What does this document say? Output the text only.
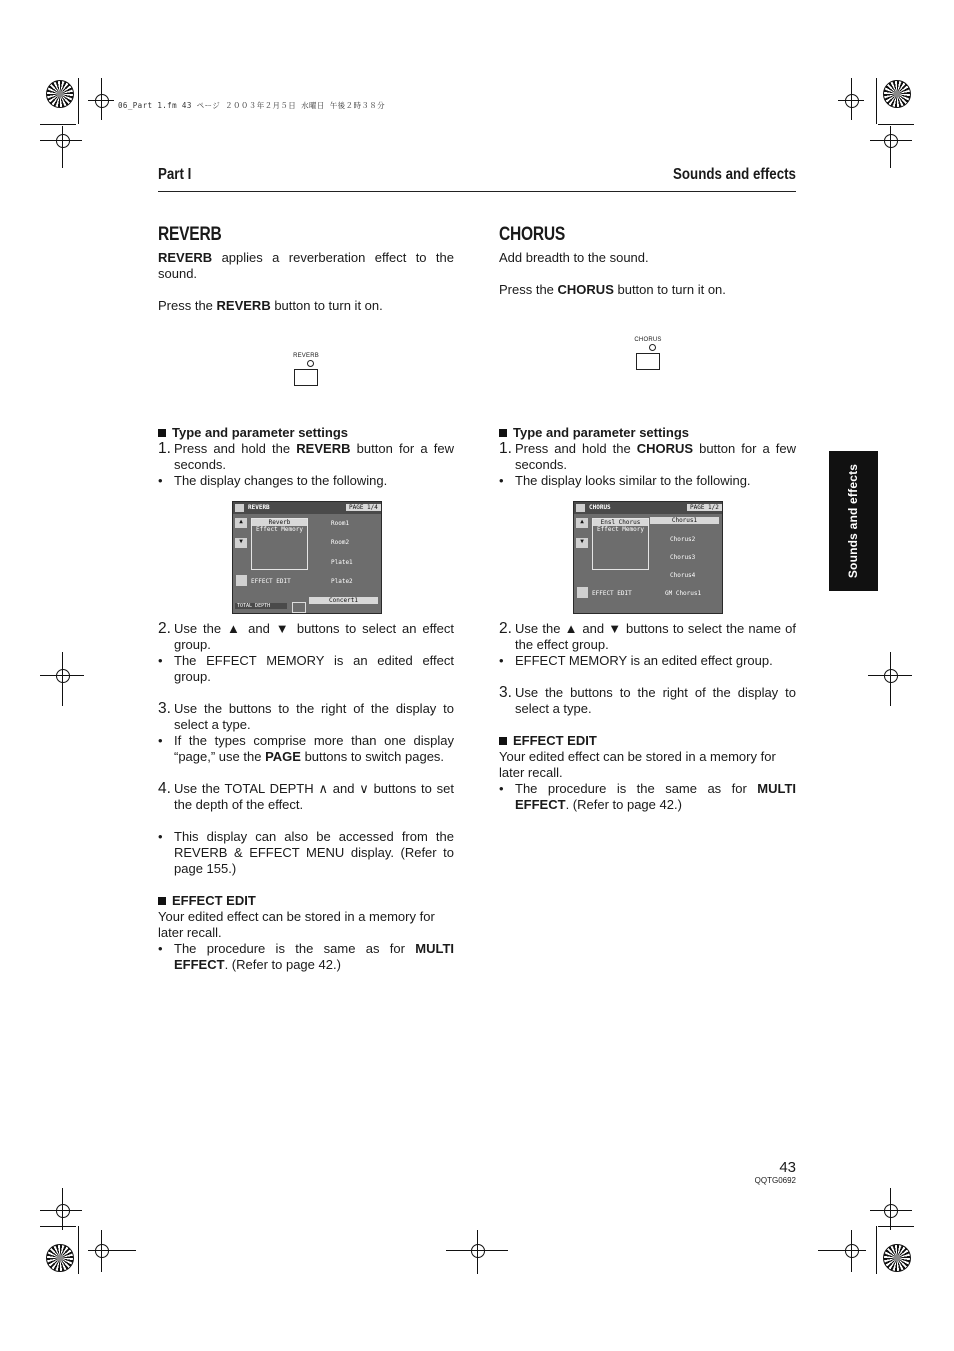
06_Part 1.fm 43 ページ ２００３年２月５日 水曜日 午後２時３８分
Part I	Sounds and effects
Sounds and effects
REVERB

REVERB applies a reverberation effect to the sound.

Press the REVERB button to turn it on.

REVERB
Type and parameter settings
1. Press and hold the REVERB button for a few seconds.
• The display changes to the following.
REVERB	PAGE 1/4
▲
▼
Reverb
Effect Memory
Room1
Room2
Plate1
Plate2
Concert1
EFFECT EDIT
TOTAL DEPTH
2. Use the ▲ and ▼ buttons to select an effect group.
• The EFFECT MEMORY is an edited effect group.
3. Use the buttons to the right of the display to select a type.
• If the types comprise more than one display “page,” use the PAGE buttons to switch pages.
4. Use the TOTAL DEPTH ∧ and ∨ buttons to set the depth of the effect.
• This display can also be accessed from the REVERB & EFFECT MENU display. (Refer to page 155.)
EFFECT EDIT

Your edited effect can be stored in a memory for later recall.

• The procedure is the same as for MULTI EFFECT. (Refer to page 42.)
CHORUS

Add breadth to the sound.

Press the CHORUS button to turn it on.

CHORUS
Type and parameter settings
1. Press and hold the CHORUS button for a few seconds.
• The display looks similar to the following.
CHORUS	PAGE 1/2
▲
▼
Ensl Chorus
Effect Memory
Chorus1
Chorus2
Chorus3
Chorus4
GM Chorus1
EFFECT EDIT
2. Use the ▲ and ▼ buttons to select the name of the effect group.
• EFFECT MEMORY is an edited effect group.
3. Use the buttons to the right of the display to select a type.
EFFECT EDIT

Your edited effect can be stored in a memory for later recall.

• The procedure is the same as for MULTI EFFECT. (Refer to page 42.)
43
QQTG0692
